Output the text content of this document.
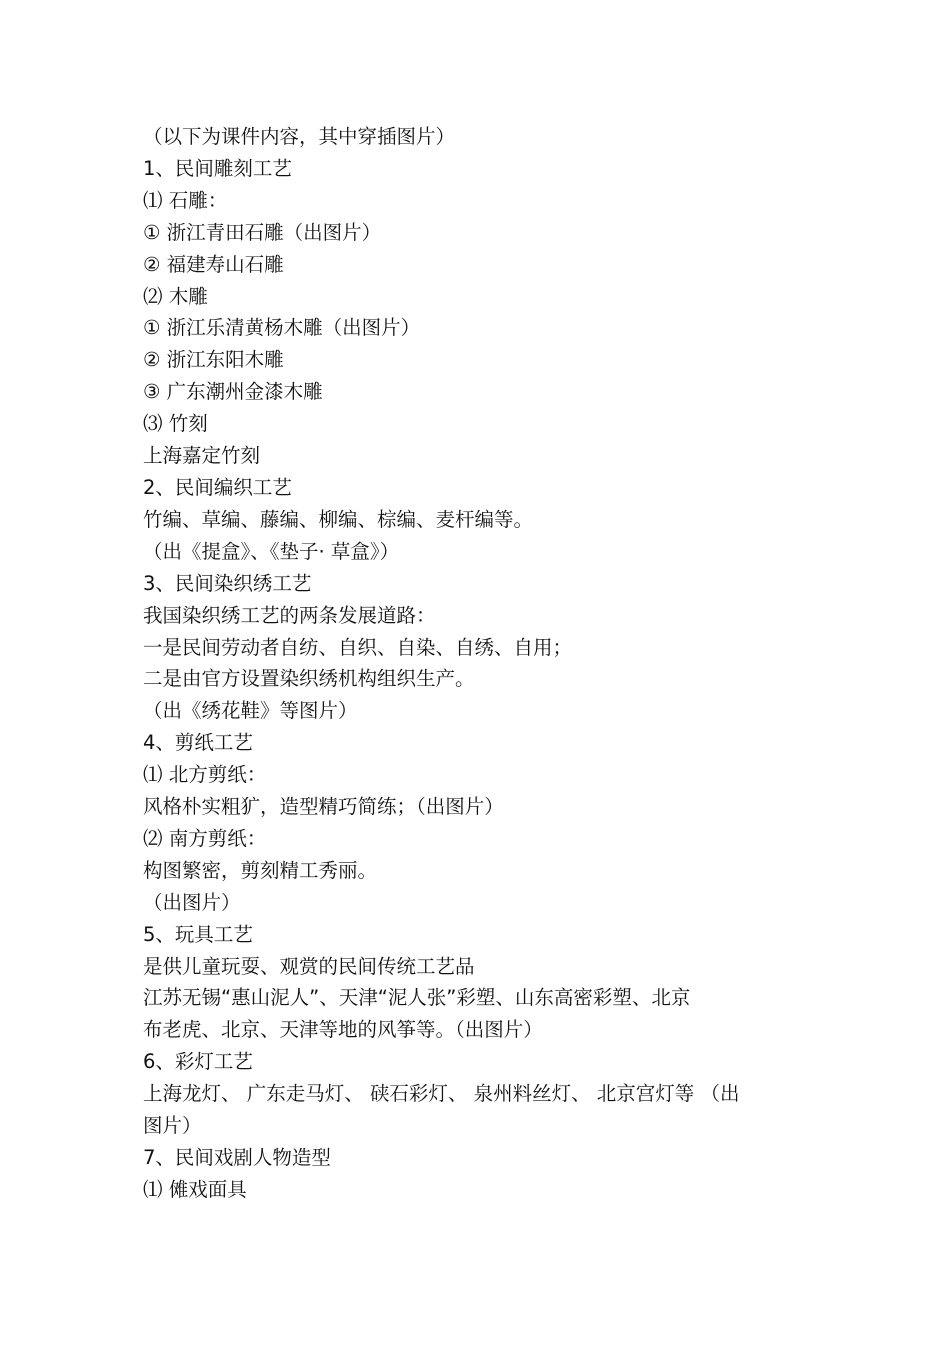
（以下为课件内容，其中穿插图片）

1、民间雕刻工艺

⑴ 石雕：

① 浙江青田石雕（出图片）

② 福建寿山石雕

⑵ 木雕

① 浙江乐清黄杨木雕（出图片）

② 浙江东阳木雕

③ 广东潮州金漆木雕

⑶ 竹刻

上海嘉定竹刻

2、民间编织工艺

竹编、草编、藤编、柳编、棕编、麦杆编等。

（出《提盒》、《垫子· 草盒》）

3、民间染织绣工艺

我国染织绣工艺的两条发展道路：

一是民间劳动者自纺、自织、自染、自绣、自用；

二是由官方设置染织绣机构组织生产。

（出《绣花鞋》等图片）

4、剪纸工艺

⑴ 北方剪纸：

风格朴实粗犷，造型精巧简练；（出图片）

⑵ 南方剪纸：

构图繁密，剪刻精工秀丽。

（出图片）

5、玩具工艺

是供儿童玩耍、观赏的民间传统工艺品

江苏无锡“惠山泥人”、天津“泥人张”彩塑、山东高密彩塑、北京

布老虎、北京、天津等地的风筝等。（出图片）

6、彩灯工艺

上海龙灯、 广东走马灯、 硖石彩灯、 泉州料丝灯、 北京宫灯等 （出

图片）

7、民间戏剧人物造型

⑴ 傩戏面具
